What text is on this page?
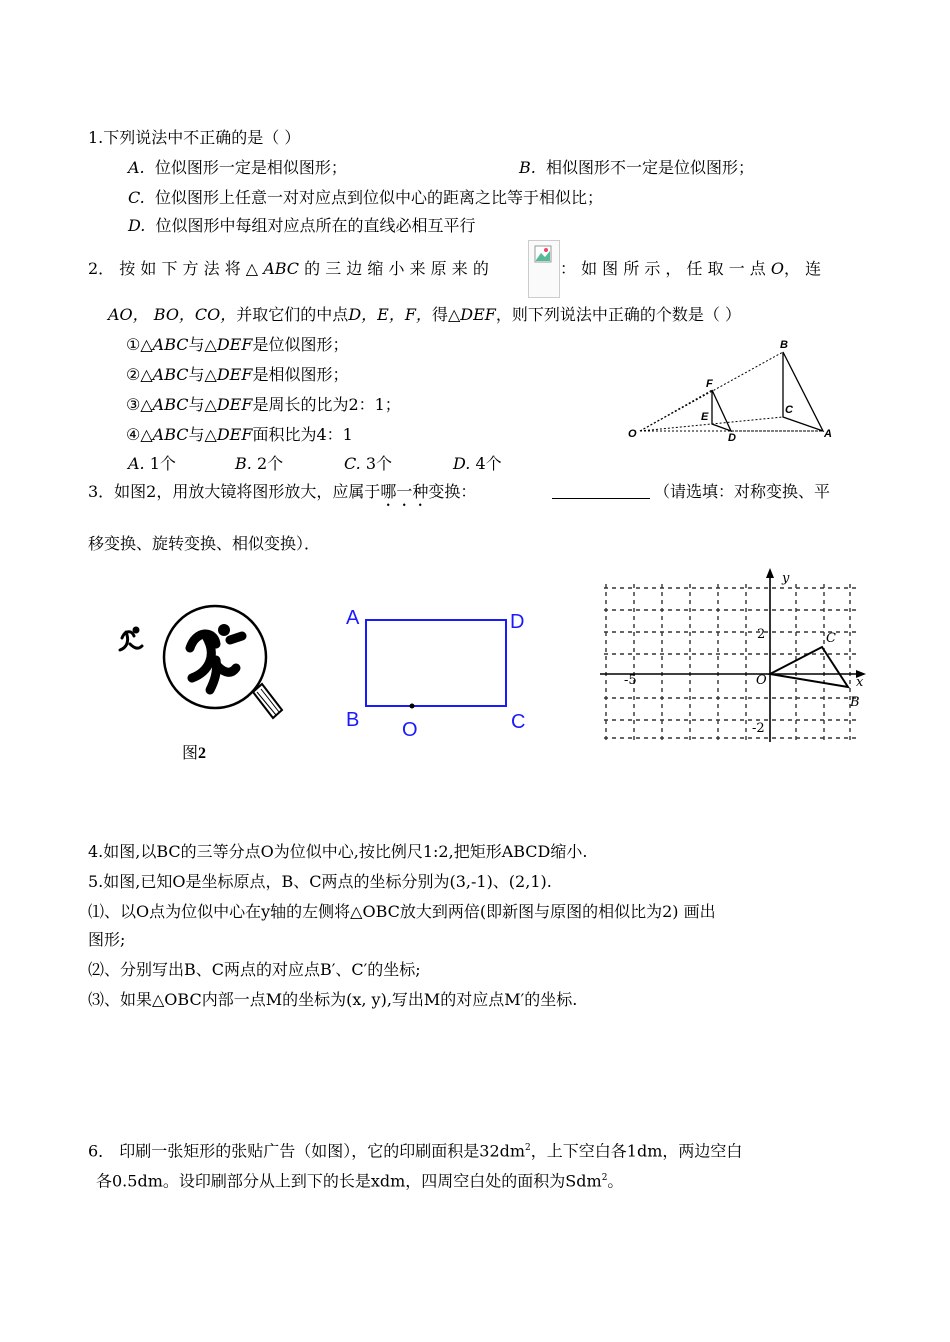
1.下列说法中不正确的是（ ）
A. 位似图形一定是相似图形；	B. 相似图形不一定是位似图形；
C. 位似图形上任意一对对应点到位似中心的距离之比等于相似比；
D. 位似图形中每组对应点所在的直线必相互平行
2． 按 如 下 方 法 将 △ ABC 的 三 边 缩 小 来 原 来 的	： 如 图 所 示 ， 任 取 一 点 O， 连
AO， BO，CO，并取它们的中点D，E，F，得△DEF，则下列说法中正确的个数是（ ）
①△ABC与△DEF是位似图形；
②△ABC与△DEF是相似图形；
③△ABC与△DEF是周长的比为2：1；
④△ABC与△DEF面积比为4：1
A. 1个	B. 2个	C. 3个	D. 4个
B
F
E
C
O	D	A
3．如图2，用放大镜将图形放大，应属于哪一种变换：	（请选填：对称变换、平
移变换、旋转变换、相似变换）．
图2
A	D
B O	C
y
2	C
O
-5	x
B
-2
4.如图,以BC的三等分点O为位似中心,按比例尺1:2,把矩形ABCD缩小.
5.如图,已知O是坐标原点，B、C两点的坐标分别为(3,-1)、(2,1).
⑴、以O点为位似中心在y轴的左侧将△OBC放大到两倍(即新图与原图的相似比为2) 画出
图形;
⑵、分别写出B、C两点的对应点B′、C′的坐标;
⑶、如果△OBC内部一点M的坐标为(x, y),写出M的对应点M′的坐标.
6． 印刷一张矩形的张贴广告（如图），它的印刷面积是$32dm^2$，上下空白各1dm，两边空白
各0.5dm。设印刷部分从上到下的长是xdm，四周空白处的面积为Sdm$^2$。
